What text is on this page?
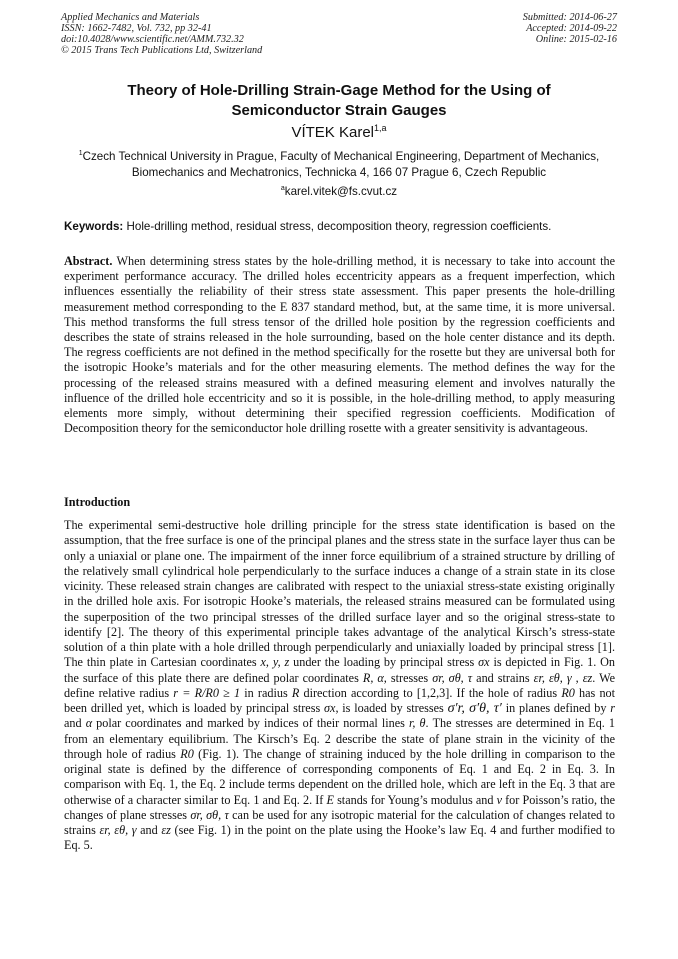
Applied Mechanics and Materials
ISSN: 1662-7482, Vol. 732, pp 32-41
doi:10.4028/www.scientific.net/AMM.732.32
© 2015 Trans Tech Publications Ltd, Switzerland
Submitted: 2014-06-27
Accepted: 2014-09-22
Online: 2015-02-16
Theory of Hole-Drilling Strain-Gage Method for the Using of
Semiconductor Strain Gauges
VÍTEK Karel$^{1,a}$
$^1$Czech Technical University in Prague, Faculty of Mechanical Engineering, Department of Mechanics, Biomechanics and Mechatronics, Technicka 4, 166 07 Prague 6, Czech Republic
$^a$karel.vitek@fs.cvut.cz
Keywords: Hole-drilling method, residual stress, decomposition theory, regression coefficients.
Abstract. When determining stress states by the hole-drilling method, it is necessary to take into account the experiment performance accuracy. The drilled holes eccentricity appears as a frequent imperfection, which influences essentially the reliability of their stress state assessment. This paper presents the hole-drilling measurement method corresponding to the E 837 standard method, but, at the same time, it is more universal. This method transforms the full stress tensor of the drilled hole position by the regression coefficients and describes the state of strains released in the hole surrounding, based on the hole center distance and its depth. The regress coefficients are not defined in the method specifically for the rosette but they are universal both for the isotropic Hooke’s materials and for the other measuring elements. The method defines the way for the processing of the released strains measured with a defined measuring element and involves naturally the influence of the drilled hole eccentricity and so it is possible, in the hole-drilling method, to apply measuring elements more simply, without determining their specified regression coefficients. Modification of Decomposition theory for the semiconductor hole drilling rosette with a greater sensitivity is advantageous.
Introduction
The experimental semi-destructive hole drilling principle for the stress state identification is based on the assumption, that the free surface is one of the principal planes and the stress state in the surface layer thus can be only a uniaxial or plane one. The impairment of the inner force equilibrium of a strained structure by drilling of the relatively small cylindrical hole perpendicularly to the surface induces a change of a strain state in its close vicinity. These released strain changes are calibrated with respect to the uniaxial stress-state existing originally in the drilled hole axis. For isotropic Hooke’s materials, the released strains measured can be formulated using the superposition of the two principal stresses of the drilled surface layer and so the original stress-state to identify [2]. The theory of this experimental principle takes advantage of the analytical Kirsch’s stress-state solution of a thin plate with a hole drilled through perpendicularly and uniaxially loaded by principal stress [1]. The thin plate in Cartesian coordinates x, y, z under the loading by principal stress σx is depicted in Fig. 1. On the surface of this plate there are defined polar coordinates R, α, stresses σr, σθ, τ and strains εr, εθ, γ , εz. We define relative radius r = R/R0 ≥ 1 in radius R direction according to [1,2,3]. If the hole of radius R0 has not been drilled yet, which is loaded by principal stress σx, is loaded by stresses σ′r, σ′θ, τ′ in planes defined by r and α polar coordinates and marked by indices of their normal lines r, θ. The stresses are determined in Eq. 1 from an elementary equilibrium. The Kirsch’s Eq. 2 describe the state of plane strain in the vicinity of the through hole of radius R0 (Fig. 1). The change of straining induced by the hole drilling in comparison to the original state is defined by the difference of corresponding components of Eq. 1 and Eq. 2 in Eq. 3. In comparison with Eq. 1, the Eq. 2 include terms dependent on the drilled hole, which are left in the Eq. 3 that are otherwise of a character similar to Eq. 1 and Eq. 2. If E stands for Young’s modulus and ν for Poisson’s ratio, the changes of plane stresses σr, σθ, τ can be used for any isotropic material for the calculation of changes related to strains εr, εθ, γ and εz (see Fig. 1) in the point on the plate using the Hooke’s law Eq. 4 and further modified to Eq. 5.
